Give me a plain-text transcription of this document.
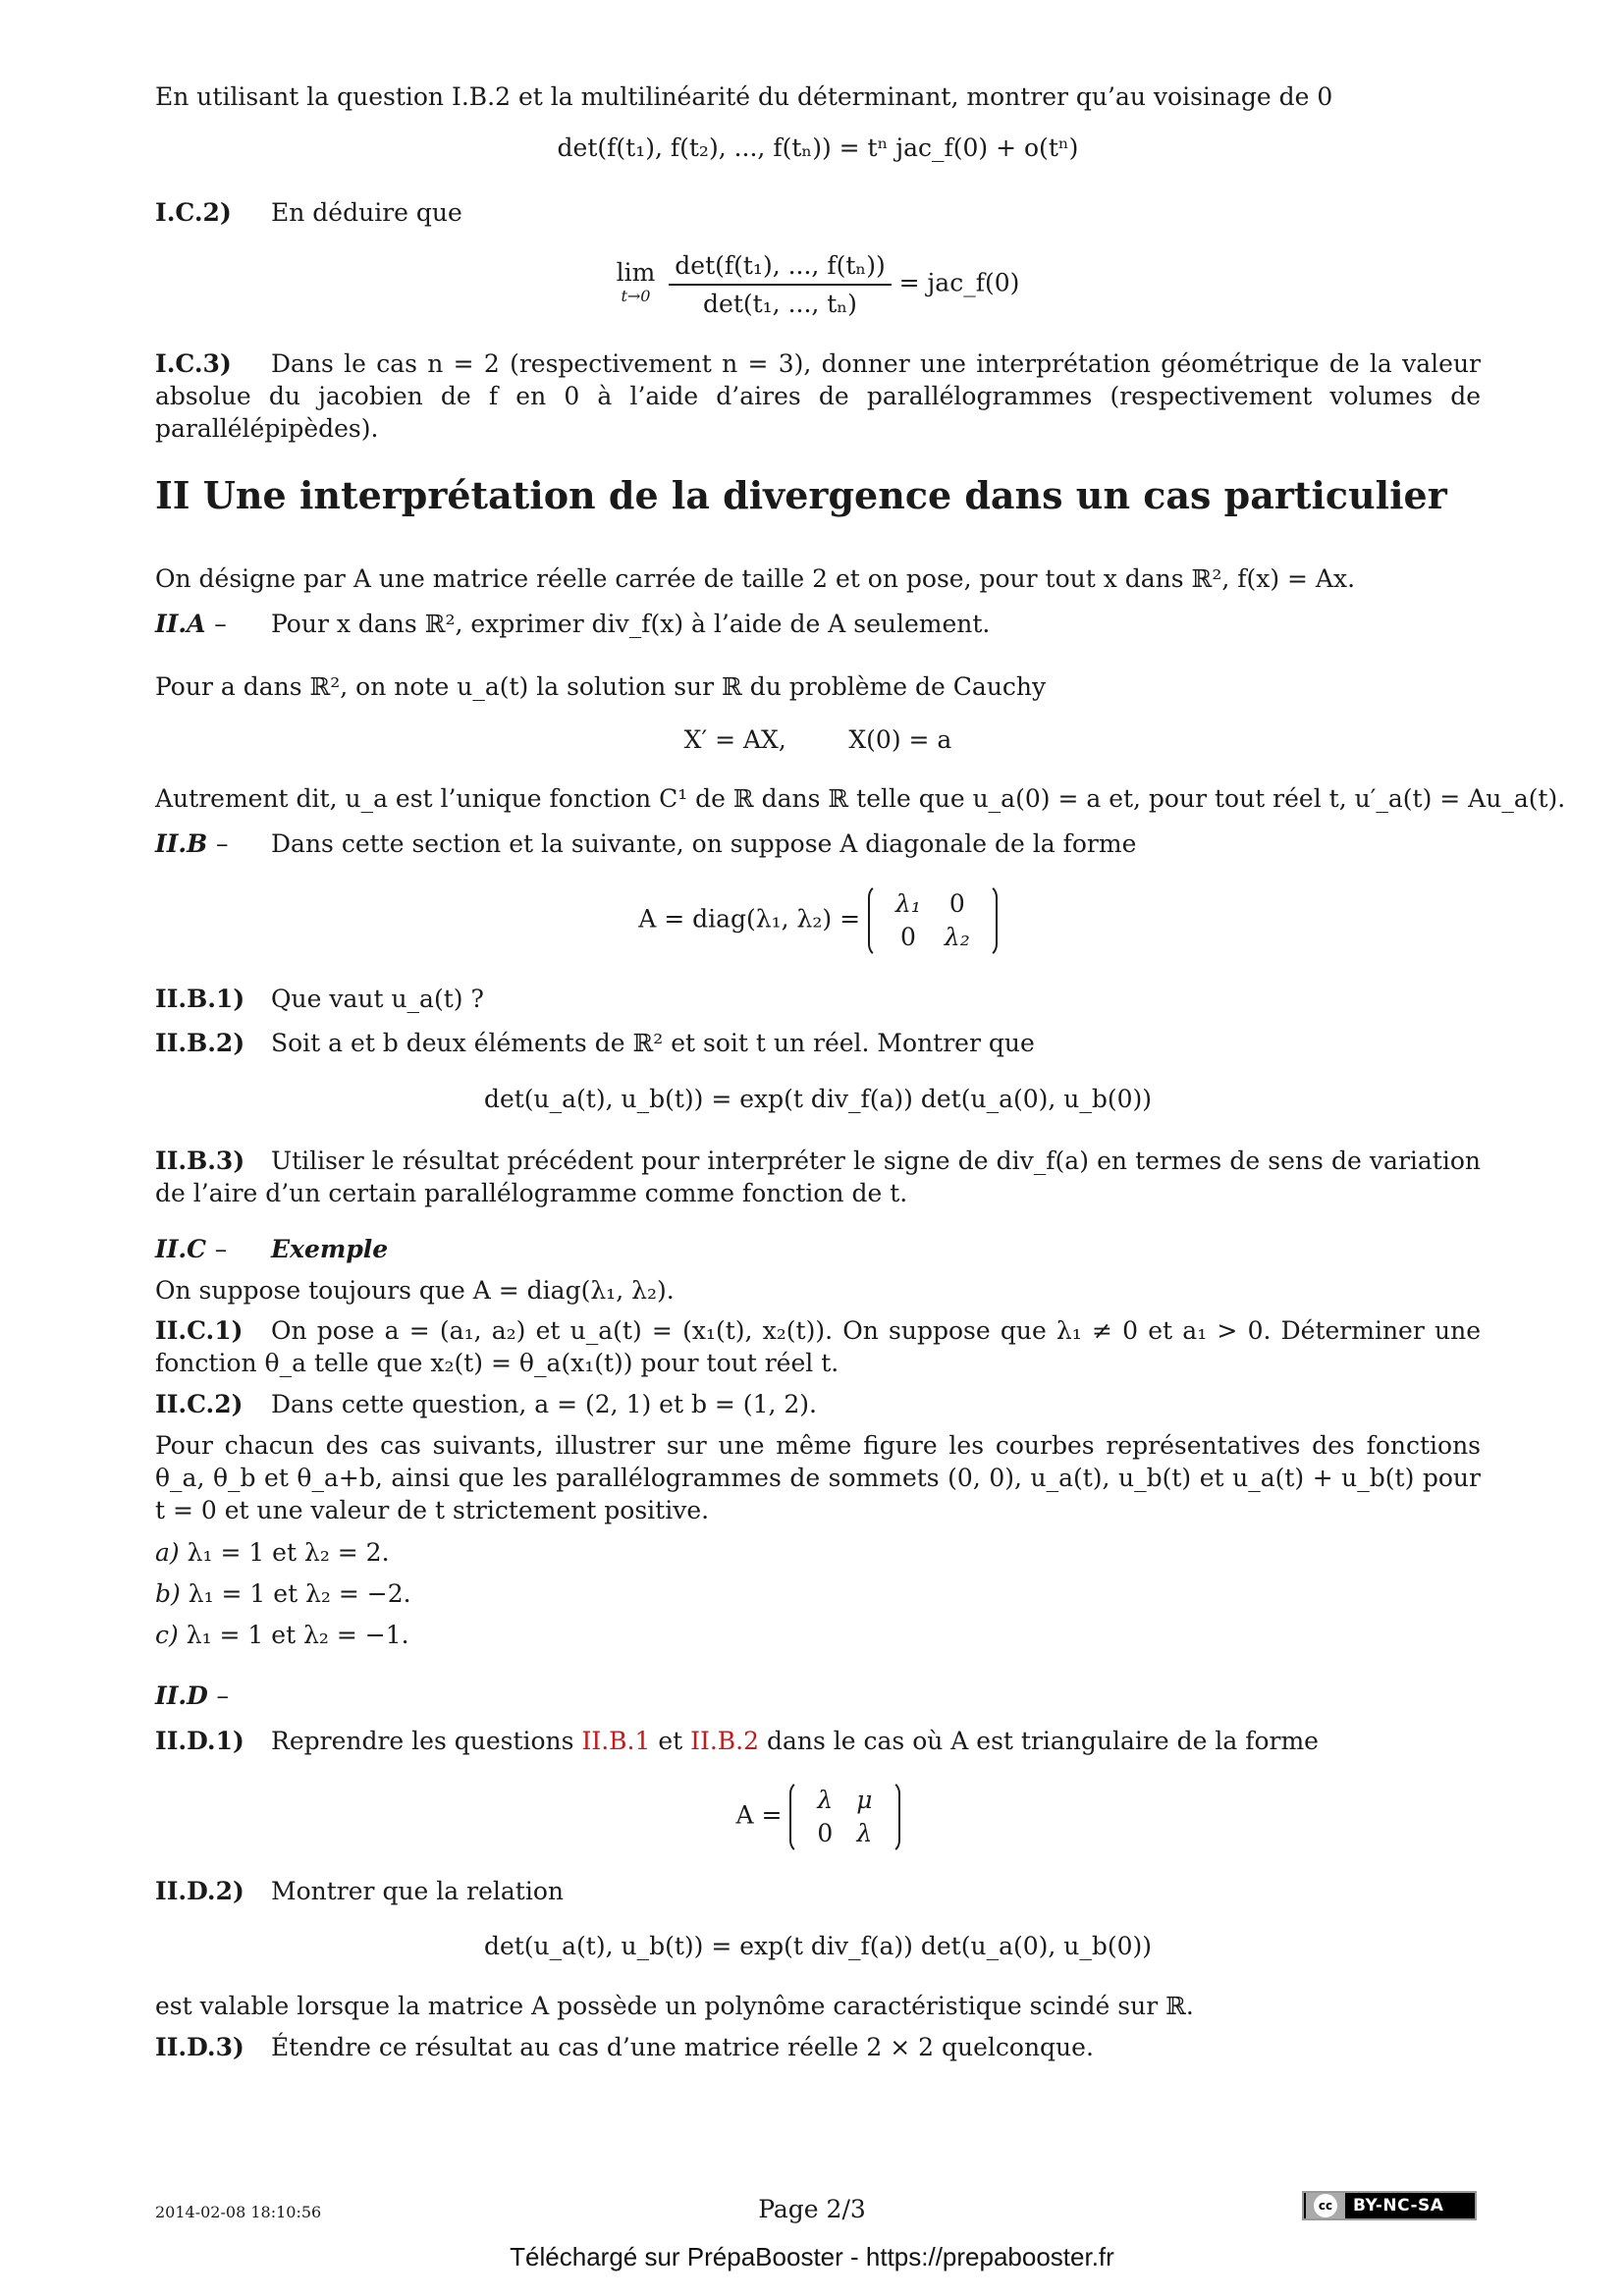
En utilisant la question I.B.2 et la multilinéarité du déterminant, montrer qu’au voisinage de 0
det(f(t₁), f(t₂), ..., f(tₙ)) = tⁿ jac_f(0) + o(tⁿ)
I.C.2) En déduire que
lim
t→0
$\frac{\text{det(f(t₁), ..., f(tₙ))}}{\text{det(t₁, ..., tₙ)}}$ = jac_f(0)
I.C.3) Dans le cas n = 2 (respectivement n = 3), donner une interprétation géométrique de la valeur absolue du jacobien de f en 0 à l’aide d’aires de parallélogrammes (respectivement volumes de parallélépipèdes).
II Une interprétation de la divergence dans un cas particulier
On désigne par A une matrice réelle carrée de taille 2 et on pose, pour tout x dans ℝ², f(x) = Ax.
II.A – Pour x dans ℝ², exprimer div_f(x) à l’aide de A seulement.
Pour a dans ℝ², on note u_a(t) la solution sur ℝ du problème de Cauchy
X′ = AX,        X(0) = a
Autrement dit, u_a est l’unique fonction C¹ de ℝ dans ℝ telle que u_a(0) = a et, pour tout réel t, u′_a(t) = Au_a(t).
II.B – Dans cette section et la suivante, on suppose A diagonale de la forme
A = diag(λ₁, λ₂) =
λ₁	0
0	λ₂
II.B.1) Que vaut u_a(t) ?
II.B.2) Soit a et b deux éléments de ℝ² et soit t un réel. Montrer que
det(u_a(t), u_b(t)) = exp(t div_f(a)) det(u_a(0), u_b(0))
II.B.3) Utiliser le résultat précédent pour interpréter le signe de div_f(a) en termes de sens de variation de l’aire d’un certain parallélogramme comme fonction de t.
II.C – Exemple
On suppose toujours que A = diag(λ₁, λ₂).
II.C.1) On pose a = (a₁, a₂) et u_a(t) = (x₁(t), x₂(t)). On suppose que λ₁ ≠ 0 et a₁ > 0. Déterminer une fonction θ_a telle que x₂(t) = θ_a(x₁(t)) pour tout réel t.
II.C.2) Dans cette question, a = (2, 1) et b = (1, 2).
Pour chacun des cas suivants, illustrer sur une même figure les courbes représentatives des fonctions θ_a, θ_b et θ_a+b, ainsi que les parallélogrammes de sommets (0, 0), u_a(t), u_b(t) et u_a(t) + u_b(t) pour t = 0 et une valeur de t strictement positive.
a) λ₁ = 1 et λ₂ = 2.
b) λ₁ = 1 et λ₂ = −2.
c) λ₁ = 1 et λ₂ = −1.
II.D –
II.D.1) Reprendre les questions II.B.1 et II.B.2 dans le cas où A est triangulaire de la forme
A =
λ	μ
0	λ
II.D.2) Montrer que la relation
det(u_a(t), u_b(t)) = exp(t div_f(a)) det(u_a(0), u_b(0))
est valable lorsque la matrice A possède un polynôme caractéristique scindé sur ℝ.
II.D.3) Étendre ce résultat au cas d’une matrice réelle 2 × 2 quelconque.
2014-02-08 18:10:56	Page 2/3	cc BY-NC-SA
Téléchargé sur PrépaBooster - https://prepabooster.fr
